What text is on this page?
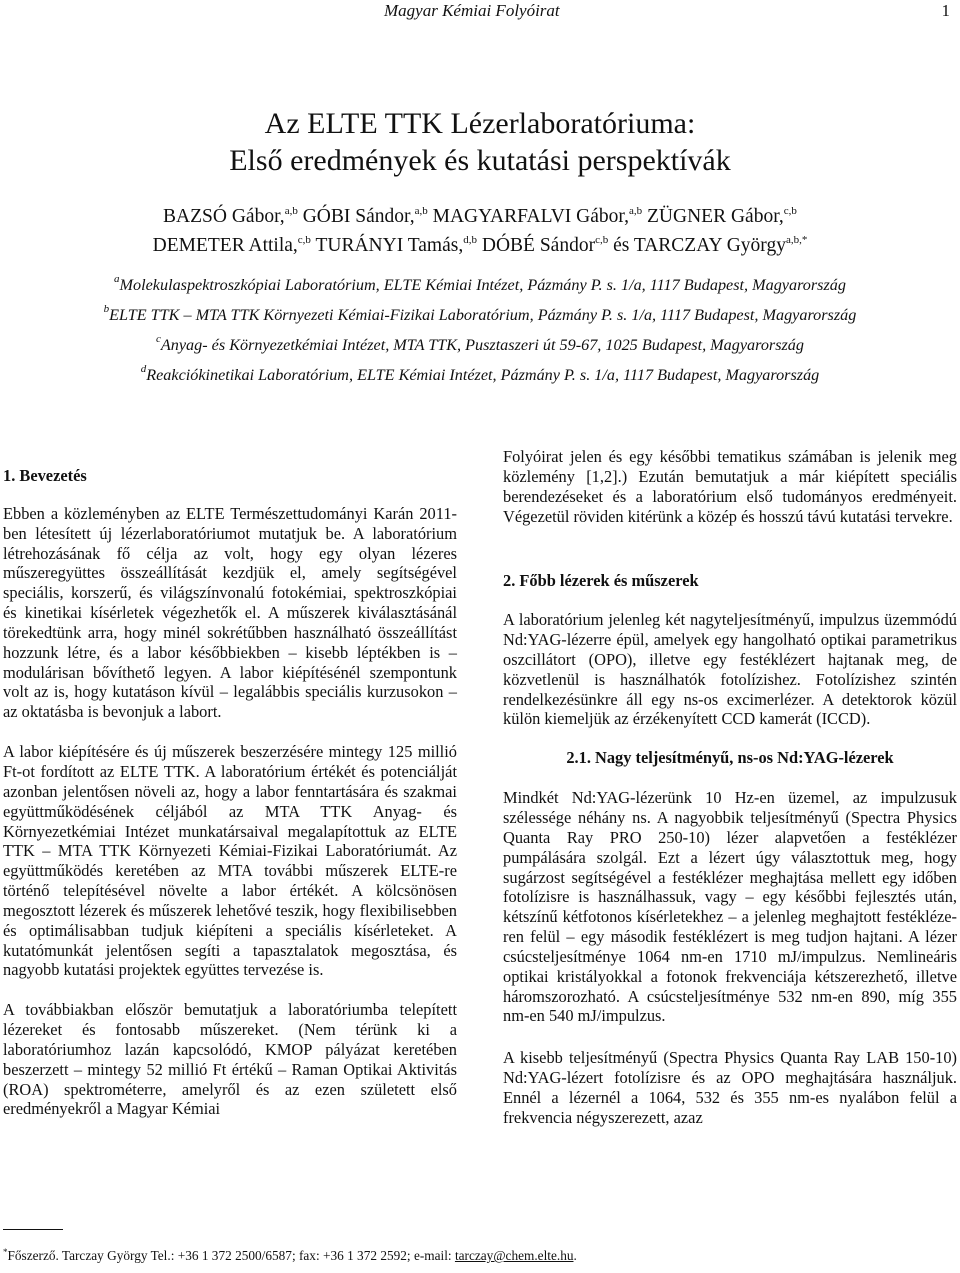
Magyar Kémiai Folyóirat	1
Az ELTE TTK Lézerlaboratóriuma:
Első eredmények és kutatási perspektívák
BAZSÓ Gábor,$^{a,b}$ GÓBI Sándor,$^{a,b}$ MAGYARFALVI Gábor,$^{a,b}$ ZÜGNER Gábor,$^{c,b}$
DEMETER Attila,$^{c,b}$ TURÁNYI Tamás,$^{d,b}$ DÓBÉ Sándor$^{c,b}$ és TARCZAY György$^{a,b,*}$
$^a$Molekulaspektroszkópiai Laboratórium, ELTE Kémiai Intézet, Pázmány P. s. 1/a, 1117 Budapest, Magyarország
$^b$ELTE TTK – MTA TTK Környezeti Kémiai-Fizikai Laboratórium, Pázmány P. s. 1/a, 1117 Budapest, Magyarország
$^c$Anyag- és Környezetkémiai Intézet, MTA TTK, Pusztaszeri út 59-67, 1025 Budapest, Magyarország
$^d$Reakciókinetikai Laboratórium, ELTE Kémiai Intézet, Pázmány P. s. 1/a, 1117 Budapest, Magyarország
1. Bevezetés

Ebben a közleményben az ELTE Természettudományi Karán 2011-ben létesített új lézerlaboratóriumot mutatjuk be. A laboratórium létrehozásának fő célja az volt, hogy egy olyan lézeres műszeregyüttes összeállítását kezdjük el, amely segítségével speciális, korszerű, és világszínvonalú fotokémiai, spektroszkópiai és kinetikai kísérletek végezhetők el. A műszerek kiválasztásánál törekedtünk arra, hogy minél sokrétűbben használható összeállítást hozzunk létre, és a labor későbbiekben – kisebb léptékben is – modulárisan bővíthető legyen. A labor kiépítésénél szempontunk volt az is, hogy kutatáson kívül – legalábbis speciális kurzusokon – az oktatásba is bevonjuk a labort.

A labor kiépítésére és új műszerek beszerzésére mintegy 125 millió Ft-ot fordított az ELTE TTK. A laboratórium értékét és potenciálját azonban jelentősen növeli az, hogy a labor fenntartására és szakmai együttműködésének céljából az MTA TTK Anyag- és Környezetkémiai Intézet munkatársaival megalapítottuk az ELTE TTK – MTA TTK Környezeti Kémiai-Fizikai Laboratóriumát. Az együttműködés keretében az MTA további műszerek ELTE-re történő telepítésével növelte a labor értékét. A kölcsönösen megosztott lézerek és műszerek lehetővé teszik, hogy flexibilisebben és optimálisabban tudjuk kiépíteni a speciális kísérleteket. A kutatómunkát jelentősen segíti a tapasztalatok megosztása, és nagyobb kutatási projektek együttes tervezése is.

A továbbiakban először bemutatjuk a laboratóriumba telepített lézereket és fontosabb műszereket. (Nem térünk ki a laboratóriumhoz lazán kapcsolódó, KMOP pályázat keretében beszerzett – mintegy 52 millió Ft értékű – Raman Optikai Aktivitás (ROA) spektrométerre, amelyről és az ezen született első eredményekről a Magyar Kémiai

Folyóirat jelen és egy későbbi tematikus számában is jelenik meg közlemény [1,2].) Ezután bemutatjuk a már kiépített speciális berendezéseket és a laboratórium első tudományos eredményeit. Végezetül röviden kitérünk a közép és hosszú távú kutatási tervekre.

2. Főbb lézerek és műszerek

A laboratórium jelenleg két nagyteljesítményű, impulzus üzemmódú Nd:YAG-lézerre épül, amelyek egy hangolható optikai parametrikus oszcillátort (OPO), illetve egy festéklézert hajtanak meg, de közvetlenül is használhatók fotolízishez. Fotolízishez szintén rendelkezésünkre áll egy ns-os excimerlézer. A detektorok közül külön kiemeljük az érzékenyített CCD kamerát (ICCD).

2.1. Nagy teljesítményű, ns-os Nd:YAG-lézerek

Mindkét Nd:YAG-lézerünk 10 Hz-en üzemel, az impulzusuk szélessége néhány ns. A nagyobbik teljesítményű (Spectra Physics Quanta Ray PRO 250-10) lézer alapvetően a festéklézer pumpálására szolgál. Ezt a lézert úgy választottuk meg, hogy sugárzost segítségével a festéklézer meghajtása mellett egy időben fotolízisre is használhassuk, vagy – egy későbbi fejlesztés után, kétszínű kétfotonos kísérletekhez – a jelenleg meghajtott festéklézeren felül – egy második festéklézert is meg tudjon hajtani. A lézer csúcsteljesítménye 1064 nm-en 1710 mJ/impulzus. Nemlineáris optikai kristályokkal a fotonok frekvenciája kétszerezhető, illetve háromszorozható. A csúcsteljesítménye 532 nm-en 890, míg 355 nm-en 540 mJ/impulzus.

A kisebb teljesítményű (Spectra Physics Quanta Ray LAB 150-10) Nd:YAG-lézert fotolízisre és az OPO meghajtására használjuk. Ennél a lézernél a 1064, 532 és 355 nm-es nyalábon felül a frekvencia négyszerezett, azaz

*Főszerző. Tarczay György Tel.: +36 1 372 2500/6587; fax: +36 1 372 2592; e-mail: tarczay@chem.elte.hu.
